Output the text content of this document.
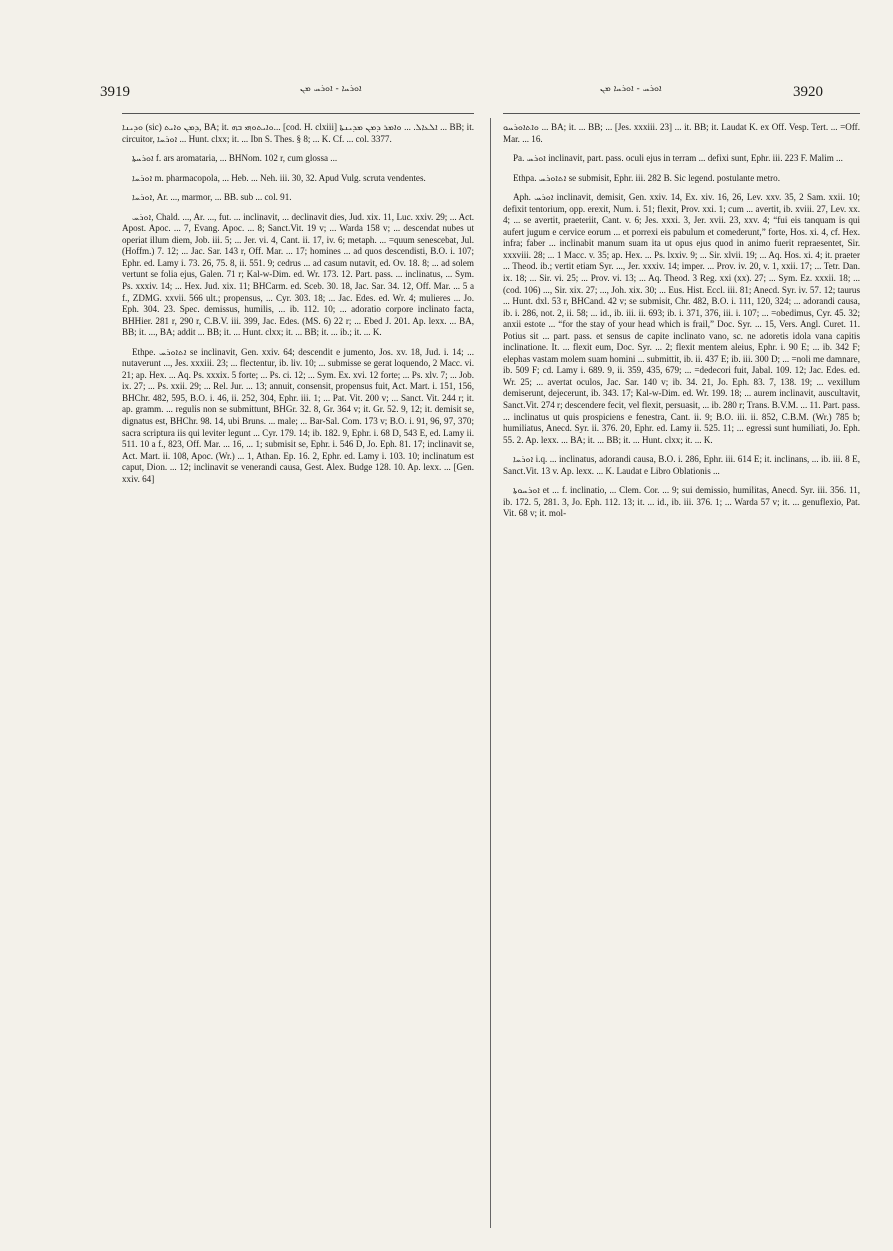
3919	ܐܘܪܚܐ - ܐܘܪܚ ܡܢ	ܐܘܪܚ - ܐܘܪܚܐ ܡܢ	3920

ܘܕܝܢܐ (sic) ܕܡܢ ܘܐܝܬ, BA; it. ܘܐܝܬܘܗܝ ܒܗ... [cod. H. clxiii] ܐܠܥܐܠ. ... ܘܐܡܪ ܕܡܢ ܡܕܝܢܬܐ ... BB; it. circuitor, ܐܘܪܚܐ ... Hunt. clxx; it. ... Ibn S. Thes. § 8; ... K. Cf. ... col. 3377.

ܐܘܪܚܬܐ f. ars aromataria, ... BHNom. 102 r, cum glossa ...

ܐܘܪܚܐ m. pharmacopola, ... Heb. ... Neh. iii. 30, 32. Apud Vulg. scruta vendentes.

ܐܘܪܚܐ, Ar. ..., marmor, ... BB. sub ... col. 91.

ܐܘܪܚ, Chald. ..., Ar. ..., fut. ... inclinavit, ... declinavit dies, Jud. xix. 11, Luc. xxiv. 29; ... Act. Apost. Apoc. ... 7, Evang. Apoc. ... 8; Sanct.Vit. 19 v; ... Warda 158 v; ... descendat nubes ut operiat illum diem, Job. iii. 5; ... Jer. vi. 4, Cant. ii. 17, iv. 6; metaph. ... =quum senescebat, Jul. (Hoffm.) 7. 12; ... Jac. Sar. 143 r, Off. Mar. ... 17; homines ... ad quos descendisti, B.O. i. 107; Ephr. ed. Lamy i. 73. 26, 75. 8, ii. 551. 9; cedrus ... ad casum nutavit, ed. Ov. 18. 8; ... ad solem vertunt se folia ejus, Galen. 71 r; Kal-w-Dim. ed. Wr. 173. 12. Part. pass. ... inclinatus, ... Sym. Ps. xxxiv. 14; ... Hex. Jud. xix. 11; BHCarm. ed. Sceb. 30. 18, Jac. Sar. 34. 12, Off. Mar. ... 5 a f., ZDMG. xxvii. 566 ult.; propensus, ... Cyr. 303. 18; ... Jac. Edes. ed. Wr. 4; mulieres ... Jo. Eph. 304. 23. Spec. demissus, humilis, ... ib. 112. 10; ... adoratio corpore inclinato facta, BHHier. 281 r, 290 r, C.B.V. iii. 399, Jac. Edes. (MS. 6) 22 r; ... Ebed J. 201. Ap. lexx. ... BA, BB; it. ..., BA; addit ... BB; it. ... Hunt. clxx; it. ... BB; it. ... ib.; it. ... K.

Ethpe. ܐܬܐܘܪܚ se inclinavit, Gen. xxiv. 64; descendit e jumento, Jos. xv. 18, Jud. i. 14; ... nutaverunt ..., Jes. xxxiii. 23; ... flectentur, ib. liv. 10; ... submisse se gerat loquendo, 2 Macc. vi. 21; ap. Hex. ... Aq. Ps. xxxix. 5 forte; ... Ps. ci. 12; ... Sym. Ex. xvi. 12 forte; ... Ps. xlv. 7; ... Job. ix. 27; ... Ps. xxii. 29; ... Rel. Jur. ... 13; annuit, consensit, propensus fuit, Act. Mart. i. 151, 156, BHChr. 482, 595, B.O. i. 46, ii. 252, 304, Ephr. iii. 1; ... Pat. Vit. 200 v; ... Sanct. Vit. 244 r; it. ap. gramm. ... regulis non se submittunt, BHGr. 32. 8, Gr. 364 v; it. Gr. 52. 9, 12; it. demisit se, dignatus est, BHChr. 98. 14, ubi Bruns. ... male; ... Bar-Sal. Com. 173 v; B.O. i. 91, 96, 97, 370; sacra scriptura iis qui leviter legunt ... Cyr. 179. 14; ib. 182. 9, Ephr. i. 68 D, 543 E, ed. Lamy ii. 511. 10 a f., 823, Off. Mar. ... 16, ... 1; submisit se, Ephr. i. 546 D, Jo. Eph. 81. 17; inclinavit se, Act. Mart. ii. 108, Apoc. (Wr.) ... 1, Athan. Ep. 16. 2, Ephr. ed. Lamy i. 103. 10; inclinatum est caput, Dion. ... 12; inclinavit se venerandi causa, Gest. Alex. Budge 128. 10. Ap. lexx. ... [Gen. xxiv. 64]

ܘܐܬܐܘܪܚܘ ... BA; it. ... BB; ... [Jes. xxxiii. 23] ... it. BB; it. Laudat K. ex Off. Vesp. Tert. ... =Off. Mar. ... 16.

Pa. ܐܘܪܚ inclinavit, part. pass. oculi ejus in terram ... defixi sunt, Ephr. iii. 223 F. Malim ...

Ethpa. ܐܬܐܘܪܚ se submisit, Ephr. iii. 282 B. Sic legend. postulante metro.

Aph. ܐܘܪܚ inclinavit, demisit, Gen. xxiv. 14, Ex. xiv. 16, 26, Lev. xxv. 35, 2 Sam. xxii. 10; defixit tentorium, opp. erexit, Num. i. 51; flexit, Prov. xxi. 1; cum ... avertit, ib. xviii. 27, Lev. xx. 4; ... se avertit, praeteriit, Cant. v. 6; Jes. xxxi. 3, Jer. xvii. 23, xxv. 4; “fui eis tanquam is qui aufert jugum e cervice eorum ... et porrexi eis pabulum et comederunt,” forte, Hos. xi. 4, cf. Hex. infra; faber ... inclinabit manum suam ita ut opus ejus quod in animo fuerit repraesentet, Sir. xxxviii. 28; ... 1 Macc. v. 35; ap. Hex. ... Ps. lxxiv. 9; ... Sir. xlvii. 19; ... Aq. Hos. xi. 4; it. praeter ... Theod. ib.; vertit etiam Syr. ..., Jer. xxxiv. 14; imper. ... Prov. iv. 20, v. 1, xxii. 17; ... Tetr. Dan. ix. 18; ... Sir. vi. 25; ... Prov. vi. 13; ... Aq. Theod. 3 Reg. xxi (xx). 27; ... Sym. Ez. xxxii. 18; ... (cod. 106) ..., Sir. xix. 27; ..., Joh. xix. 30; ... Eus. Hist. Eccl. iii. 81; Anecd. Syr. iv. 57. 12; taurus ... Hunt. dxl. 53 r, BHCand. 42 v; se submisit, Chr. 482, B.O. i. 111, 120, 324; ... adorandi causa, ib. i. 286, not. 2, ii. 58; ... id., ib. iii. ii. 693; ib. i. 371, 376, iii. i. 107; ... =obedimus, Cyr. 45. 32; anxii estote ... “for the stay of your head which is frail,” Doc. Syr. ... 15, Vers. Angl. Curet. 11. Potius sit ... part. pass. et sensus de capite inclinato vano, sc. ne adoretis idola vana capitis inclinatione. It. ... flexit eum, Doc. Syr. ... 2; flexit mentem aleius, Ephr. i. 90 E; ... ib. 342 F; elephas vastam molem suam homini ... submittit, ib. ii. 437 E; ib. iii. 300 D; ... =noli me damnare, ib. 509 F; cd. Lamy i. 689. 9, ii. 359, 435, 679; ... =dedecori fuit, Jabal. 109. 12; Jac. Edes. ed. Wr. 25; ... avertat oculos, Jac. Sar. 140 v; ib. 34. 21, Jo. Eph. 83. 7, 138. 19; ... vexillum demiserunt, dejecerunt, ib. 343. 17; Kal-w-Dim. ed. Wr. 199. 18; ... aurem inclinavit, auscultavit, Sanct.Vit. 274 r; descendere fecit, vel flexit, persuasit, ... ib. 280 r; Trans. B.V.M. ... 11. Part. pass. ... inclinatus ut quis prospiciens e fenestra, Cant. ii. 9; B.O. iii. ii. 852, C.B.M. (Wr.) 785 b; humiliatus, Anecd. Syr. ii. 376. 20, Ephr. ed. Lamy ii. 525. 11; ... egressi sunt humiliati, Jo. Eph. 55. 2. Ap. lexx. ... BA; it. ... BB; it. ... Hunt. clxx; it. ... K.

ܐܘܪܚܐ i.q. ... inclinatus, adorandi causa, B.O. i. 286, Ephr. iii. 614 E; it. inclinans, ... ib. iii. 8 E, Sanct.Vit. 13 v. Ap. lexx. ... K. Laudat e Libro Oblationis ...

ܐܘܪܚܘܬܐ et ... f. inclinatio, ... Clem. Cor. ... 9; sui demissio, humilitas, Anecd. Syr. iii. 356. 11, ib. 172. 5, 281. 3, Jo. Eph. 112. 13; it. ... id., ib. iii. 376. 1; ... Warda 57 v; it. ... genuflexio, Pat. Vit. 68 v; it. mol-
